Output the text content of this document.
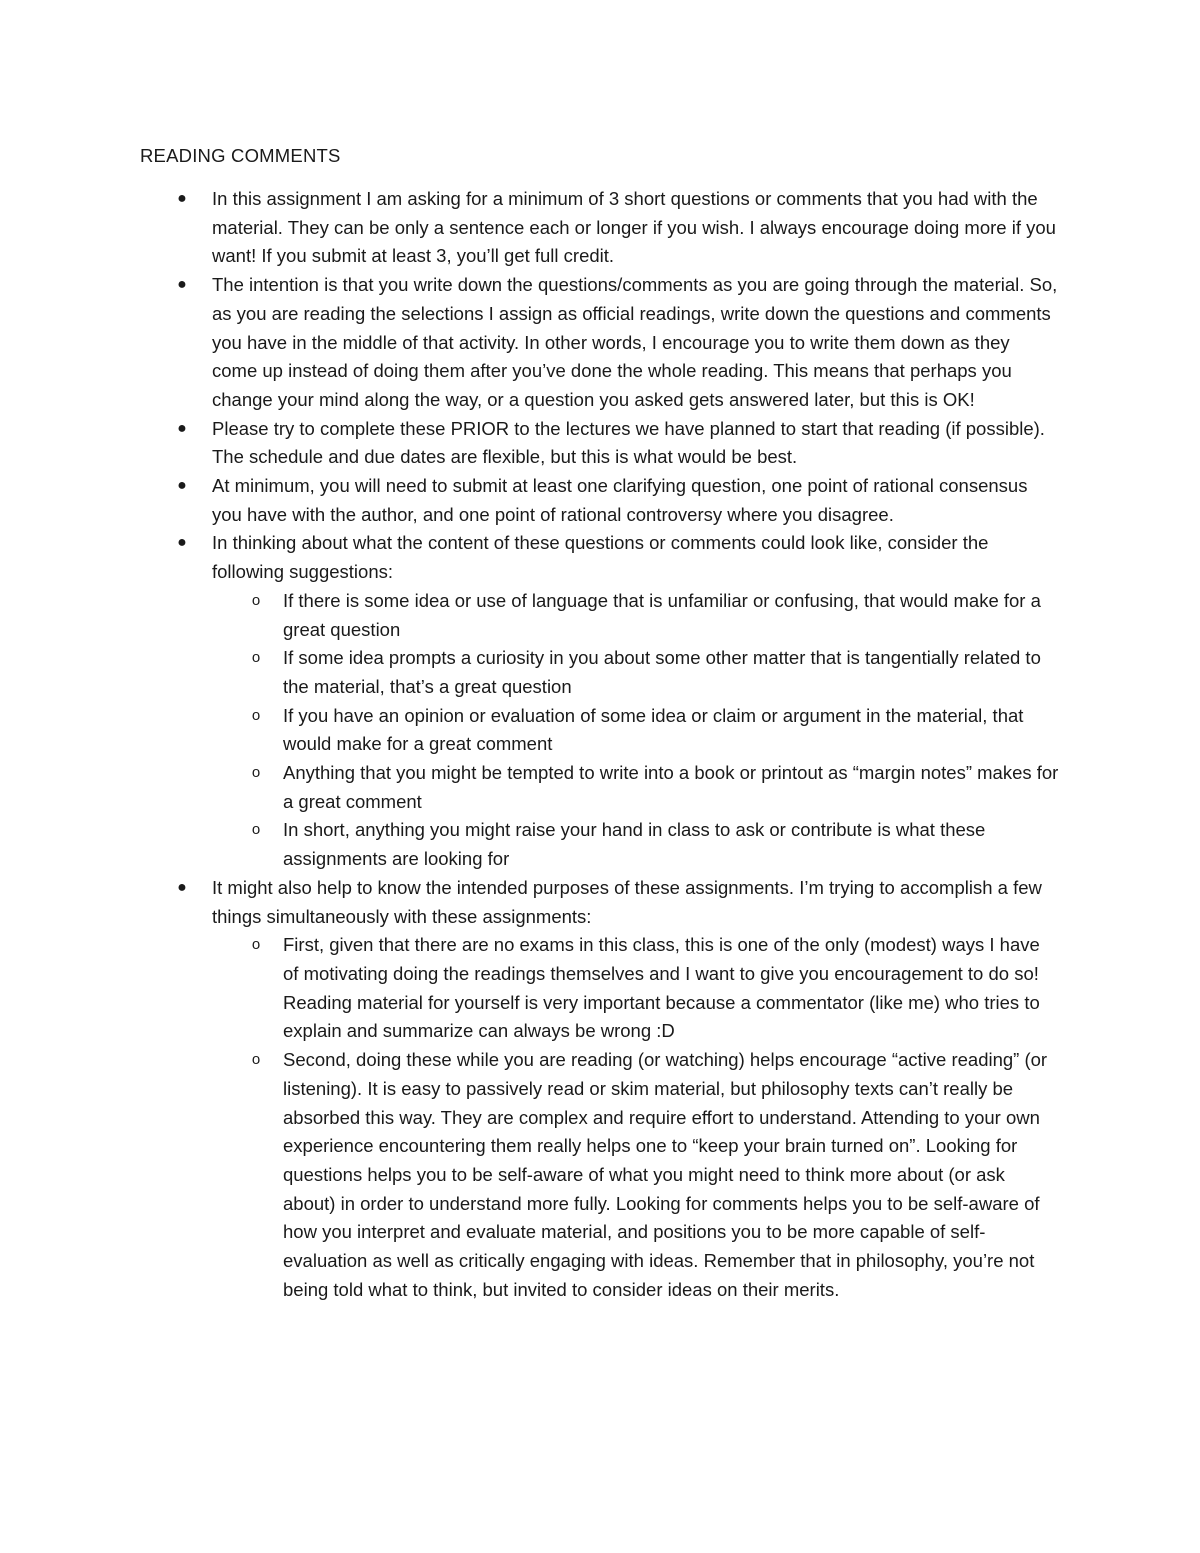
READING COMMENTS
● In this assignment I am asking for a minimum of 3 short questions or comments that you had with the material. They can be only a sentence each or longer if you wish. I always encourage doing more if you want! If you submit at least 3, you’ll get full credit.
● The intention is that you write down the questions/comments as you are going through the material. So, as you are reading the selections I assign as official readings, write down the questions and comments you have in the middle of that activity. In other words, I encourage you to write them down as they come up instead of doing them after you’ve done the whole reading. This means that perhaps you change your mind along the way, or a question you asked gets answered later, but this is OK!
● Please try to complete these PRIOR to the lectures we have planned to start that reading (if possible). The schedule and due dates are flexible, but this is what would be best.
● At minimum, you will need to submit at least one clarifying question, one point of rational consensus you have with the author, and one point of rational controversy where you disagree.
● In thinking about what the content of these questions or comments could look like, consider the following suggestions:
o If there is some idea or use of language that is unfamiliar or confusing, that would make for a great question
o If some idea prompts a curiosity in you about some other matter that is tangentially related to the material, that’s a great question
o If you have an opinion or evaluation of some idea or claim or argument in the material, that would make for a great comment
o Anything that you might be tempted to write into a book or printout as “margin notes” makes for a great comment
o In short, anything you might raise your hand in class to ask or contribute is what these assignments are looking for
● It might also help to know the intended purposes of these assignments. I’m trying to accomplish a few things simultaneously with these assignments:
o First, given that there are no exams in this class, this is one of the only (modest) ways I have of motivating doing the readings themselves and I want to give you encouragement to do so! Reading material for yourself is very important because a commentator (like me) who tries to explain and summarize can always be wrong :D
o Second, doing these while you are reading (or watching) helps encourage “active reading” (or listening). It is easy to passively read or skim material, but philosophy texts can’t really be absorbed this way. They are complex and require effort to understand. Attending to your own experience encountering them really helps one to “keep your brain turned on”. Looking for questions helps you to be self-aware of what you might need to think more about (or ask about) in order to understand more fully. Looking for comments helps you to be self-aware of how you interpret and evaluate material, and positions you to be more capable of self-evaluation as well as critically engaging with ideas. Remember that in philosophy, you’re not being told what to think, but invited to consider ideas on their merits.
